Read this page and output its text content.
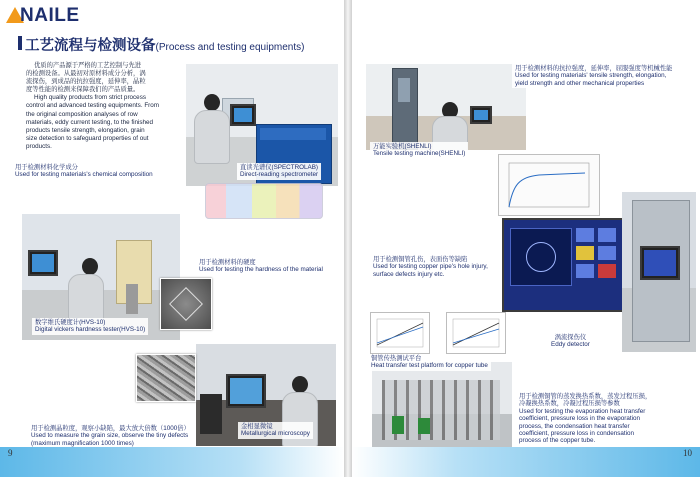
NAILE
工艺流程与检测设备(Process and testing equipments)
优质的产品源于严格的工艺控制与先进
的检测设备。从最初对原材料成分分析，涡
流探伤，到成品的抗拉强度，延伸率，晶粒
度等性能的检测来保障我们的产品质量。
High quality products from strict process
control and advanced testing equipments. From
the original composition analyses of row
materials, eddy current testing, to the finished
products tensile strength, elongation, grain
size detection to safeguard properties of out
products.
用于检测材料化学成分
Used for testing materials's chemical composition
直读光谱仪(SPECTROLAB)
Direct-reading spectrometer
用于检测材料的硬度
Used for testing the hardness of the material
数字维氏硬度计(HVS-10)
Digital vickers hardness tester(HVS-10)
金相显微镜
Metallurgical microscopy
用于检测晶粒度，观察小缺陷，最大放大倍数（1000倍）
Used to measure the grain size, observe the tiny defects
(maximum magnification 1000 times)
9
用于检测材料的抗拉强度，延伸率，屈服强度等机械性能
Used for testing materials' tensile strength, elongation,
yield strength and other mechanical properties
万能实验机(SHENLI)
Tensile testing machine(SHENLI)
用于检测铜管孔伤，表面伤等缺陷
Used for testing copper pipe's hole injury,
surface defects injury etc.
涡流探伤仪
Eddy detector
铜管传热测试平台
Heat transfer test platform for copper tube
用于检测铜管的蒸发换热系数，蒸发过程压损，
冷凝换热系数，冷凝过程压损等参数
Used for testing the evaporation heat transfer
coefficient, pressure loss in the evaporation
process, the condensation heat transfer
coefficient, pressure loss in condensation
process of the copper tube.
10
